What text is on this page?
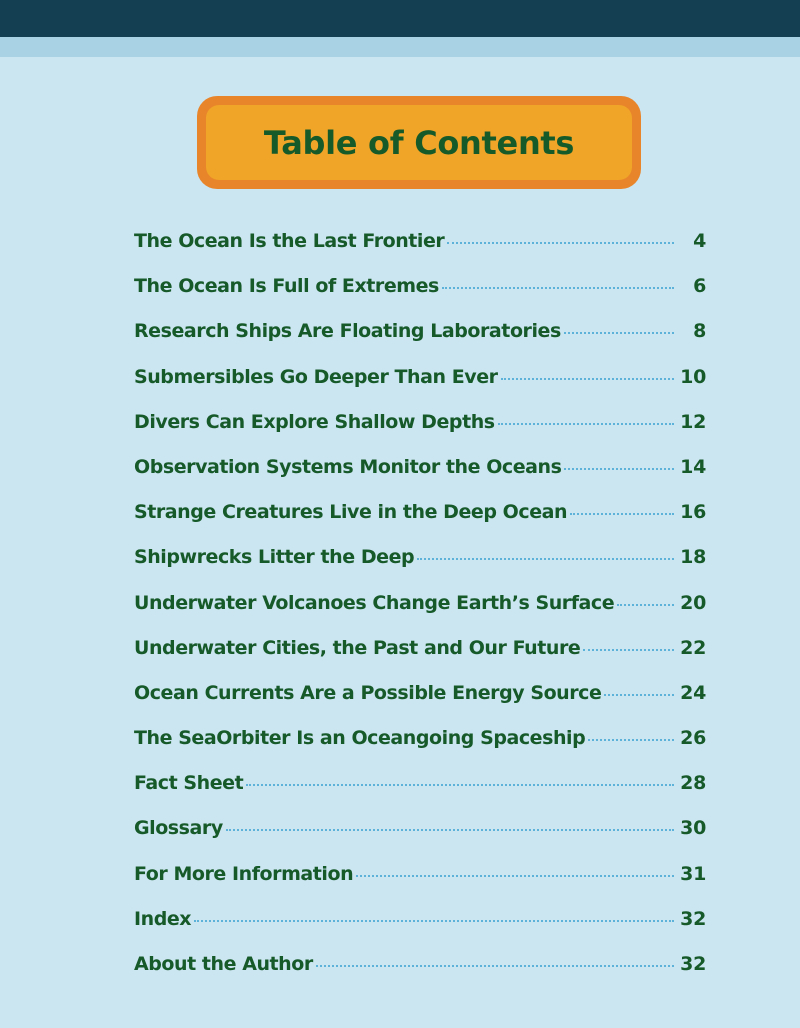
Table of Contents
The Ocean Is the Last Frontier	4
The Ocean Is Full of Extremes	6
Research Ships Are Floating Laboratories	8
Submersibles Go Deeper Than Ever	10
Divers Can Explore Shallow Depths	12
Observation Systems Monitor the Oceans	14
Strange Creatures Live in the Deep Ocean	16
Shipwrecks Litter the Deep	18
Underwater Volcanoes Change Earth’s Surface	20
Underwater Cities, the Past and Our Future	22
Ocean Currents Are a Possible Energy Source	24
The SeaOrbiter Is an Oceangoing Spaceship	26
Fact Sheet	28
Glossary	30
For More Information	31
Index	32
About the Author	32
